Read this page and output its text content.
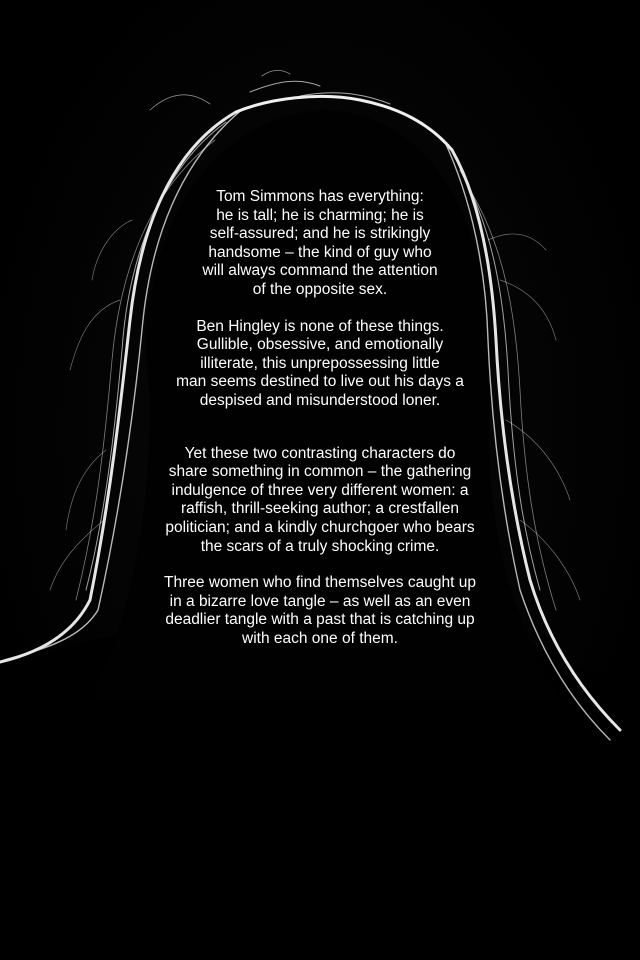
Tom Simmons has everything:
he is tall; he is charming; he is
self-assured; and he is strikingly
handsome – the kind of guy who
will always command the attention
of the opposite sex.

Ben Hingley is none of these things.
Gullible, obsessive, and emotionally
illiterate, this unprepossessing little
man seems destined to live out his days a
despised and misunderstood loner.

Yet these two contrasting characters do
share something in common – the gathering
indulgence of three very different women: a
raffish, thrill-seeking author; a crestfallen
politician; and a kindly churchgoer who bears
the scars of a truly shocking crime.

Three women who find themselves caught up
in a bizarre love tangle – as well as an even
deadlier tangle with a past that is catching up
with each one of them.
